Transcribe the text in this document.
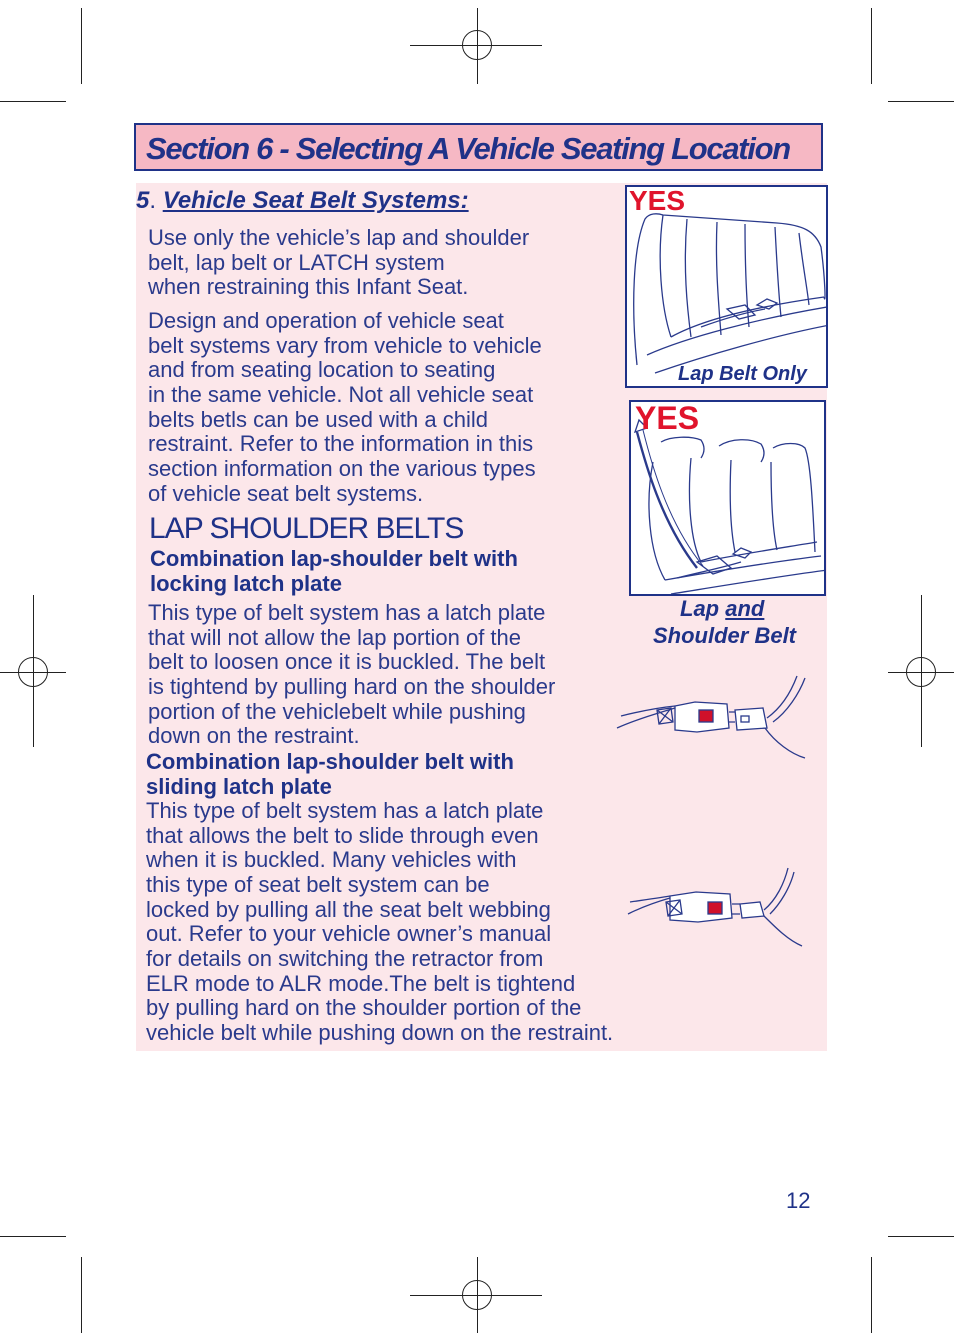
Section 6 - Selecting A Vehicle Seating Location
5. Vehicle Seat Belt Systems:

Use only the vehicle’s lap and shoulder

belt, lap belt or LATCH system

when restraining this Infant Seat.

Design and operation of vehicle seat

belt systems vary from vehicle to vehicle

and from seating location to seating

in the same vehicle. Not all vehicle seat

belts betls can be used with a child

restraint. Refer to the information in this

section information on the various types

of vehicle seat belt systems.

LAP SHOULDER BELTS

Combination lap-shoulder belt with

locking latch plate

This type of belt system has a latch plate

that will not allow the lap portion of the

belt to loosen once it is buckled. The belt

is tightend by pulling hard on the shoulder

portion of the vehiclebelt while pushing

down on the restraint.

Combination lap-shoulder belt with

sliding latch plate

This type of belt system has a latch plate

that allows the belt to slide through even

when it is buckled. Many vehicles with

this type of seat belt system can be

locked by pulling all the seat belt webbing

out. Refer to your vehicle owner’s manual

for details on switching the retractor from

ELR mode to ALR mode.The belt is tightend

by pulling hard on the shoulder portion of the

vehicle belt while pushing down on the restraint.

YES
Lap Belt Only
YES
Lap and
Shoulder Belt
12
